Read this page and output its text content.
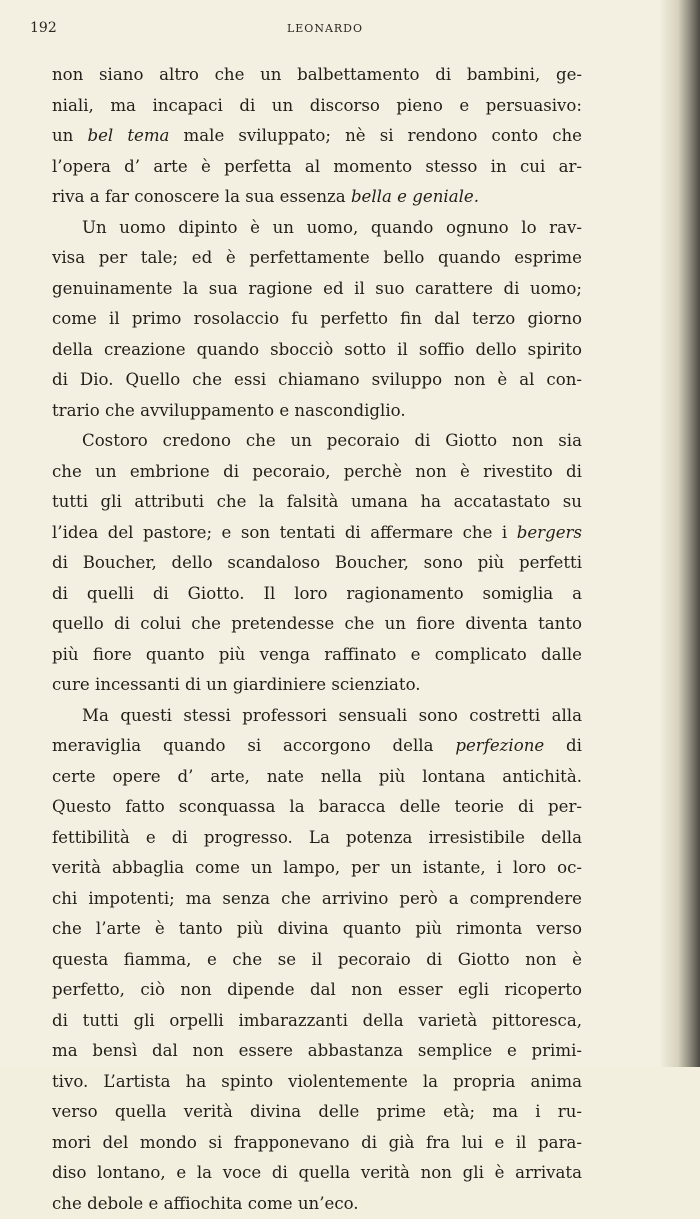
192	LEONARDO

non siano altro che un balbettamento di bambini, ge-
niali, ma incapaci di un discorso pieno e persuasivo:
un bel tema male sviluppato; nè si rendono conto che
l’opera d’ arte è perfetta al momento stesso in cui ar-
riva a far conoscere la sua essenza bella e geniale.

Un uomo dipinto è un uomo, quando ognuno lo rav-
visa per tale; ed è perfettamente bello quando esprime
genuinamente la sua ragione ed il suo carattere di uomo;
come il primo rosolaccio fu perfetto fin dal terzo giorno
della creazione quando sbocciò sotto il soffio dello spirito
di Dio. Quello che essi chiamano sviluppo non è al con-
trario che avviluppamento e nascondiglio.

Costoro credono che un pecoraio di Giotto non sia
che un embrione di pecoraio, perchè non è rivestito di
tutti gli attributi che la falsità umana ha accatastato su
l’idea del pastore; e son tentati di affermare che i bergers
di Boucher, dello scandaloso Boucher, sono più perfetti
di quelli di Giotto. Il loro ragionamento somiglia a
quello di colui che pretendesse che un fiore diventa tanto
più fiore quanto più venga raffinato e complicato dalle
cure incessanti di un giardiniere scienziato.

Ma questi stessi professori sensuali sono costretti alla
meraviglia quando si accorgono della perfezione di
certe opere d’ arte, nate nella più lontana antichità.
Questo fatto sconquassa la baracca delle teorie di per-
fettibilità e di progresso. La potenza irresistibile della
verità abbaglia come un lampo, per un istante, i loro oc-
chi impotenti; ma senza che arrivino però a comprendere
che l’arte è tanto più divina quanto più rimonta verso
questa fiamma, e che se il pecoraio di Giotto non è
perfetto, ciò non dipende dal non esser egli ricoperto
di tutti gli orpelli imbarazzanti della varietà pittoresca,
ma bensì dal non essere abbastanza semplice e primi-
tivo. L’artista ha spinto violentemente la propria anima
verso quella verità divina delle prime età; ma i ru-
mori del mondo si frapponevano di già fra lui e il para-
diso lontano, e la voce di quella verità non gli è arrivata
che debole e affiochita come un’eco.
